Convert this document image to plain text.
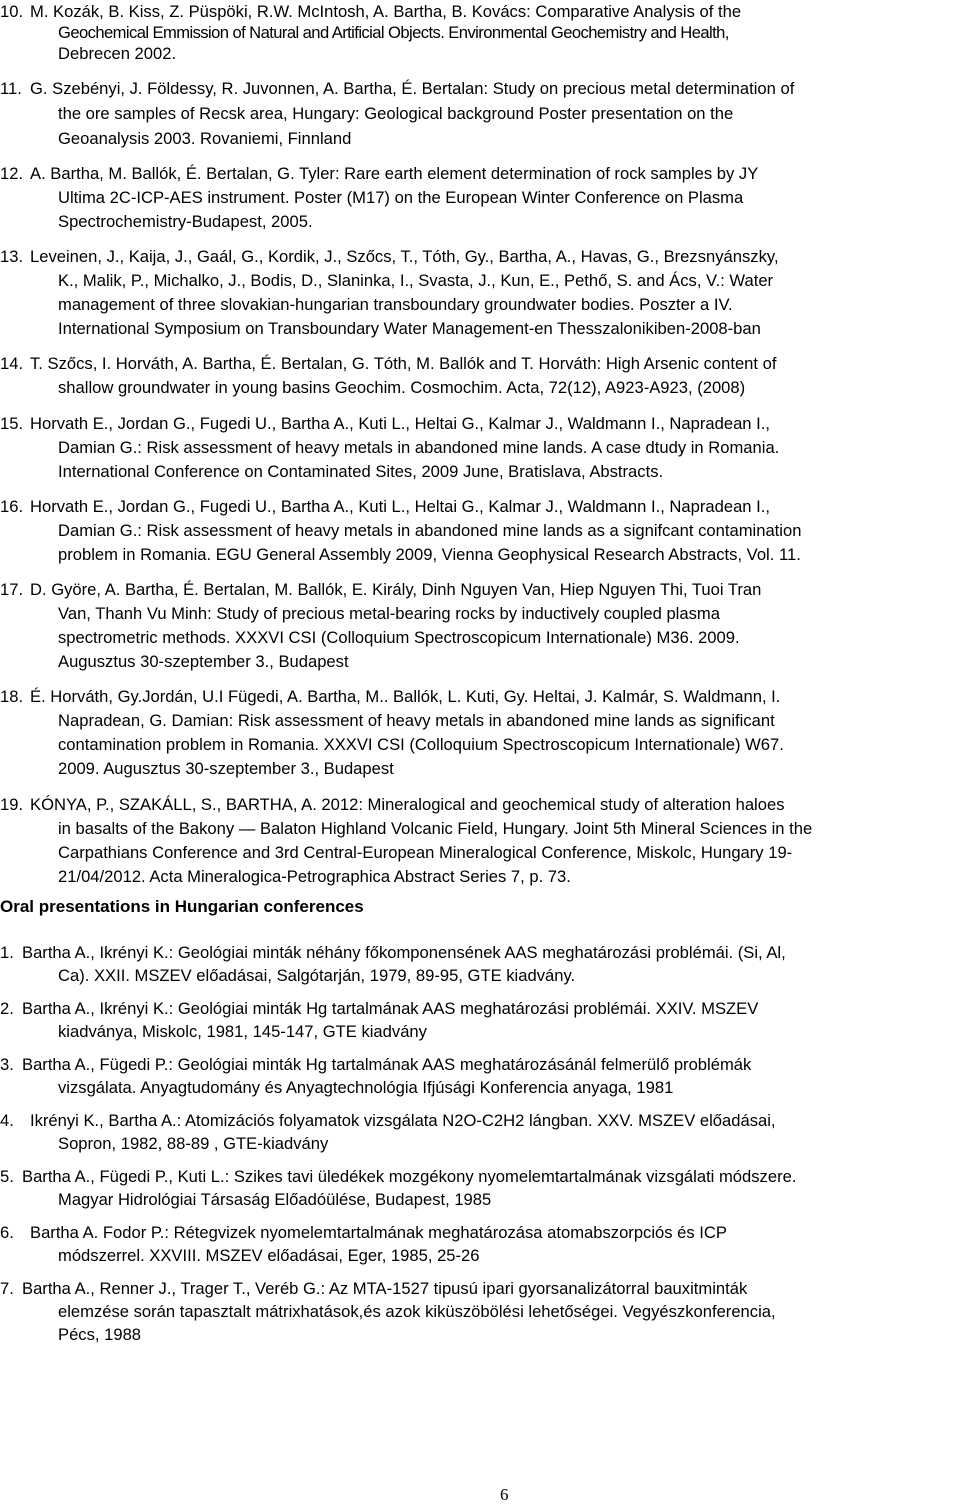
10. M. Kozák, B. Kiss, Z. Püspöki, R.W. McIntosh, A. Bartha, B. Kovács: Comparative Analysis of the
Geochemical Emmission of Natural and Artificial Objects. Environmental Geochemistry and Health,
Debrecen 2002.
11. G. Szebényi, J. Földessy, R. Juvonnen, A. Bartha, É. Bertalan: Study on precious metal determination of
the ore samples of Recsk area, Hungary: Geological background Poster presentation on the
Geoanalysis 2003. Rovaniemi, Finnland
12. A. Bartha, M. Ballók, É. Bertalan, G. Tyler: Rare earth element determination of rock samples by JY
Ultima 2C-ICP-AES instrument. Poster (M17) on the European Winter Conference on Plasma
Spectrochemistry-Budapest, 2005.
13. Leveinen, J., Kaija, J., Gaál, G., Kordik, J., Szőcs, T., Tóth, Gy., Bartha, A., Havas, G., Brezsnyánszky,
K., Malik, P., Michalko, J., Bodis, D., Slaninka, I., Svasta, J., Kun, E., Pethő, S. and Ács, V.: Water
management of three slovakian-hungarian transboundary groundwater bodies. Poszter a IV.
International Symposium on Transboundary Water Management-en Thesszalonikiben-2008-ban
14. T. Szőcs, I. Horváth, A. Bartha, É. Bertalan, G. Tóth, M. Ballók and T. Horváth: High Arsenic content of
shallow groundwater in young basins Geochim. Cosmochim. Acta, 72(12), A923-A923, (2008)
15. Horvath E., Jordan G., Fugedi U., Bartha A., Kuti L., Heltai G., Kalmar J., Waldmann I., Napradean I.,
Damian G.: Risk assessment of heavy metals in abandoned mine lands. A case dtudy in Romania.
International Conference on Contaminated Sites, 2009 June, Bratislava, Abstracts.
16. Horvath E., Jordan G., Fugedi U., Bartha A., Kuti L., Heltai G., Kalmar J., Waldmann I., Napradean I.,
Damian G.: Risk assessment of heavy metals in abandoned mine lands as a signifcant contamination
problem in Romania. EGU General Assembly 2009, Vienna Geophysical Research Abstracts, Vol. 11.
17. D. Györe, A. Bartha, É. Bertalan, M. Ballók, E. Király, Dinh Nguyen Van, Hiep Nguyen Thi, Tuoi Tran
Van, Thanh Vu Minh: Study of precious metal-bearing rocks by inductively coupled plasma
spectrometric methods. XXXVI CSI (Colloquium Spectroscopicum Internationale) M36. 2009.
Augusztus 30-szeptember 3., Budapest
18. É. Horváth, Gy.Jordán, U.I Fügedi, A. Bartha, M.. Ballók, L. Kuti, Gy. Heltai, J. Kalmár, S. Waldmann, I.
Napradean, G. Damian: Risk assessment of heavy metals in abandoned mine lands as significant
contamination problem in Romania. XXXVI CSI (Colloquium Spectroscopicum Internationale) W67.
2009. Augusztus 30-szeptember 3., Budapest
19. KÓNYA, P., SZAKÁLL, S., BARTHA, A. 2012: Mineralogical and geochemical study of alteration haloes
in basalts of the Bakony — Balaton Highland Volcanic Field, Hungary. Joint 5th Mineral Sciences in the
Carpathians Conference and 3rd Central-European Mineralogical Conference, Miskolc, Hungary 19-
21/04/2012. Acta Mineralogica-Petrographica Abstract Series 7, p. 73.
Oral presentations in Hungarian conferences
1. Bartha A., Ikrényi K.: Geológiai minták néhány főkomponensének AAS meghatározási problémái. (Si, Al,
Ca). XXII. MSZEV előadásai, Salgótarján, 1979, 89-95, GTE kiadvány.
2. Bartha A., Ikrényi K.: Geológiai minták Hg tartalmának AAS meghatározási problémái. XXIV. MSZEV
kiadványa, Miskolc, 1981, 145-147, GTE kiadvány
3. Bartha A., Fügedi P.: Geológiai minták Hg tartalmának AAS meghatározásánál felmerülő problémák
vizsgálata. Anyagtudomány és Anyagtechnológia Ifjúsági Konferencia anyaga, 1981
4. Ikrényi K., Bartha A.: Atomizációs folyamatok vizsgálata N2O-C2H2 lángban. XXV. MSZEV előadásai,
Sopron, 1982, 88-89 , GTE-kiadvány
5. Bartha A., Fügedi P., Kuti L.: Szikes tavi üledékek mozgékony nyomelemtartalmának vizsgálati módszere.
Magyar Hidrológiai Társaság Előadóülése, Budapest, 1985
6. Bartha A. Fodor P.: Rétegvizek nyomelemtartalmának meghatározása atomabszorpciós és ICP
módszerrel. XXVIII. MSZEV előadásai, Eger, 1985, 25-26
7. Bartha A., Renner J., Trager T., Veréb G.: Az MTA-1527 tipusú ipari gyorsanalizátorral bauxitminták
elemzése során tapasztalt mátrixhatások,és azok kiküszöbölési lehetőségei. Vegyészkonferencia,
Pécs, 1988
6
